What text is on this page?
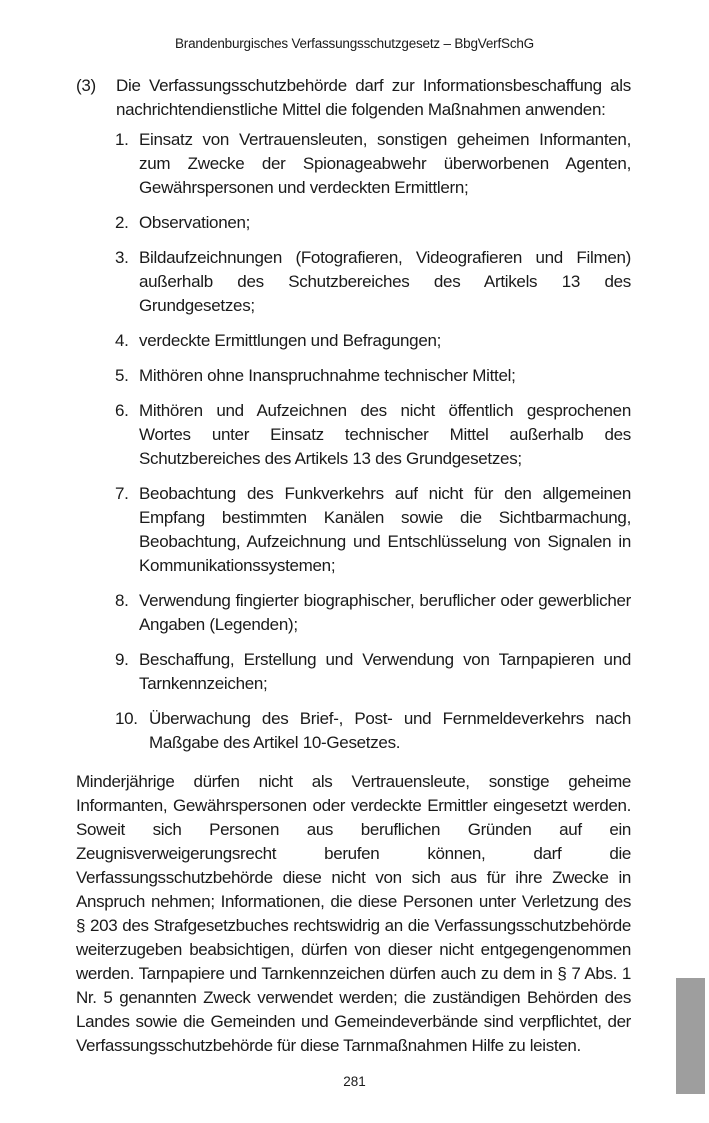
Brandenburgisches Verfassungsschutzgesetz – BbgVerfSchG
(3)	Die Verfassungsschutzbehörde darf zur Informationsbeschaffung als nachrichtendienstliche Mittel die folgenden Maßnahmen anwenden:
1. Einsatz von Vertrauensleuten, sonstigen geheimen Informanten, zum Zwecke der Spionageabwehr überworbenen Agenten, Gewährspersonen und verdeckten Ermittlern;
2. Observationen;
3. Bildaufzeichnungen (Fotografieren, Videografieren und Filmen) außerhalb des Schutzbereiches des Artikels 13 des Grundgesetzes;
4. verdeckte Ermittlungen und Befragungen;
5. Mithören ohne Inanspruchnahme technischer Mittel;
6. Mithören und Aufzeichnen des nicht öffentlich gesprochenen Wortes unter Einsatz technischer Mittel außerhalb des Schutzbereiches des Artikels 13 des Grundgesetzes;
7. Beobachtung des Funkverkehrs auf nicht für den allgemeinen Empfang bestimmten Kanälen sowie die Sichtbarmachung, Beobachtung, Aufzeichnung und Entschlüsselung von Signalen in Kommunikationssystemen;
8. Verwendung fingierter biographischer, beruflicher oder gewerblicher Angaben (Legenden);
9. Beschaffung, Erstellung und Verwendung von Tarnpapieren und Tarnkennzeichen;
10. Überwachung des Brief-, Post- und Fernmeldeverkehrs nach Maßgabe des Artikel 10-Gesetzes.
Minderjährige dürfen nicht als Vertrauensleute, sonstige geheime Informanten, Gewährspersonen oder verdeckte Ermittler eingesetzt werden. Soweit sich Personen aus beruflichen Gründen auf ein Zeugnisverweigerungsrecht berufen können, darf die Verfassungsschutzbehörde diese nicht von sich aus für ihre Zwecke in Anspruch nehmen; Informationen, die diese Personen unter Verletzung des § 203 des Strafgesetzbuches rechtswidrig an die Verfassungsschutzbehörde weiterzugeben beabsichtigen, dürfen von dieser nicht entgegengenommen werden. Tarnpapiere und Tarnkennzeichen dürfen auch zu dem in § 7 Abs. 1 Nr. 5 genannten Zweck verwendet werden; die zuständigen Behörden des Landes sowie die Gemeinden und Gemeindeverbände sind verpflichtet, der Verfassungsschutzbehörde für diese Tarnmaßnahmen Hilfe zu leisten.
281
